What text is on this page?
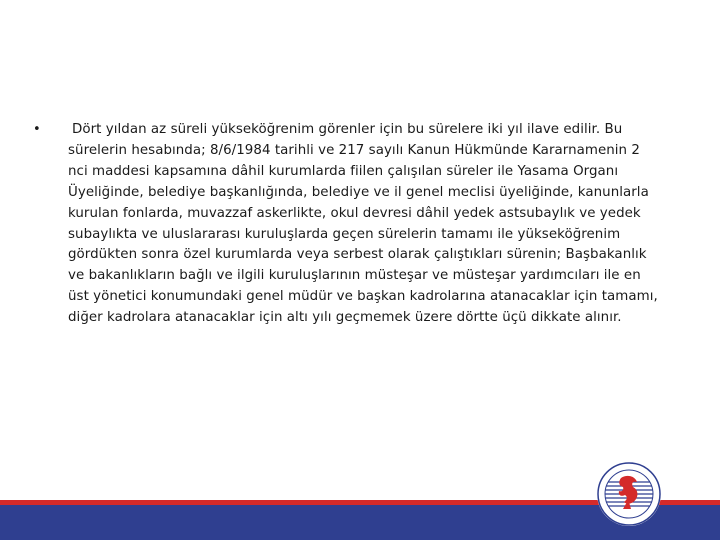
• Dört yıldan az süreli yükseköğrenim görenler için bu sürelere iki yıl ilave edilir. Bu sürelerin hesabında; 8/6/1984 tarihli ve 217 sayılı Kanun Hükmünde Kararnamenin 2 nci maddesi kapsamına dâhil kurumlarda fiilen çalışılan süreler ile Yasama Organı Üyeliğinde, belediye başkanlığında, belediye ve il genel meclisi üyeliğinde, kanunlarla kurulan fonlarda, muvazzaf askerlikte, okul devresi dâhil yedek astsubaylık ve yedek subaylıkta ve uluslararası kuruluşlarda geçen sürelerin tamamı ile yükseköğrenim gördükten sonra özel kurumlarda veya serbest olarak çalıştıkları sürenin; Başbakanlık ve bakanlıkların bağlı ve ilgili kuruluşlarının müsteşar ve müsteşar yardımcıları ile en üst yönetici konumundaki genel müdür ve başkan kadrolarına atanacaklar için tamamı, diğer kadrolara atanacaklar için altı yılı geçmemek üzere dörtte üçü dikkate alınır.
